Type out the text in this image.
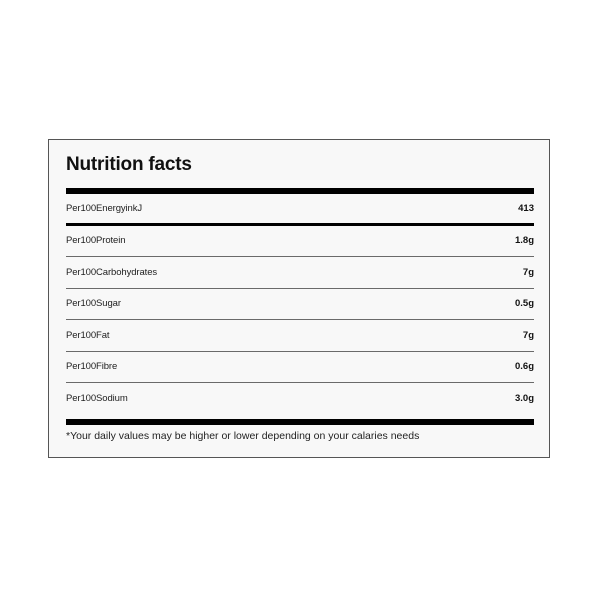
Nutrition facts
Per100EnergyinkJ	413
Per100Protein	1.8g
Per100Carbohydrates	7g
Per100Sugar	0.5g
Per100Fat	7g
Per100Fibre	0.6g
Per100Sodium	3.0g

*Your daily values may be higher or lower depending on your calaries needs
